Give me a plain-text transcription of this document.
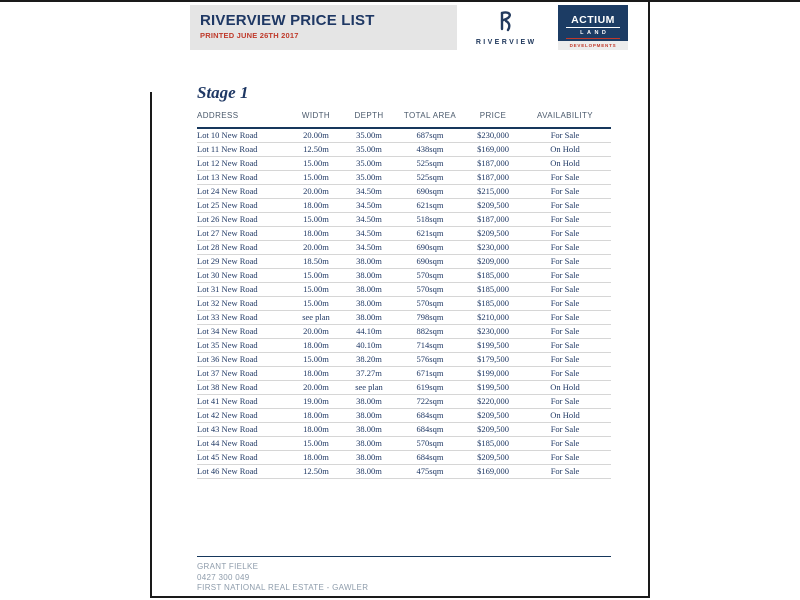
RIVERVIEW PRICE LIST
PRINTED JUNE 26TH 2017
RIVERVIEW
ACTIUM
LAND
DEVELOPMENTS
Stage 1
ADDRESS	WIDTH	DEPTH	TOTAL AREA	PRICE	AVAILABILITY
Lot 10 New Road	20.00m	35.00m	687sqm	$230,000	For Sale
Lot 11 New Road	12.50m	35.00m	438sqm	$169,000	On Hold
Lot 12 New Road	15.00m	35.00m	525sqm	$187,000	On Hold
Lot 13 New Road	15.00m	35.00m	525sqm	$187,000	For Sale
Lot 24 New Road	20.00m	34.50m	690sqm	$215,000	For Sale
Lot 25 New Road	18.00m	34.50m	621sqm	$209,500	For Sale
Lot 26 New Road	15.00m	34.50m	518sqm	$187,000	For Sale
Lot 27 New Road	18.00m	34.50m	621sqm	$209,500	For Sale
Lot 28 New Road	20.00m	34.50m	690sqm	$230,000	For Sale
Lot 29 New Road	18.50m	38.00m	690sqm	$209,000	For Sale
Lot 30 New Road	15.00m	38.00m	570sqm	$185,000	For Sale
Lot 31 New Road	15.00m	38.00m	570sqm	$185,000	For Sale
Lot 32 New Road	15.00m	38.00m	570sqm	$185,000	For Sale
Lot 33 New Road	see plan	38.00m	798sqm	$210,000	For Sale
Lot 34 New Road	20.00m	44.10m	882sqm	$230,000	For Sale
Lot 35 New Road	18.00m	40.10m	714sqm	$199,500	For Sale
Lot 36 New Road	15.00m	38.20m	576sqm	$179,500	For Sale
Lot 37 New Road	18.00m	37.27m	671sqm	$199,000	For Sale
Lot 38 New Road	20.00m	see plan	619sqm	$199,500	On Hold
Lot 41 New Road	19.00m	38.00m	722sqm	$220,000	For Sale
Lot 42 New Road	18.00m	38.00m	684sqm	$209,500	On Hold
Lot 43 New Road	18.00m	38.00m	684sqm	$209,500	For Sale
Lot 44 New Road	15.00m	38.00m	570sqm	$185,000	For Sale
Lot 45 New Road	18.00m	38.00m	684sqm	$209,500	For Sale
Lot 46 New Road	12.50m	38.00m	475sqm	$169,000	For Sale
GRANT FIELKE
0427 300 049
FIRST NATIONAL REAL ESTATE - GAWLER
